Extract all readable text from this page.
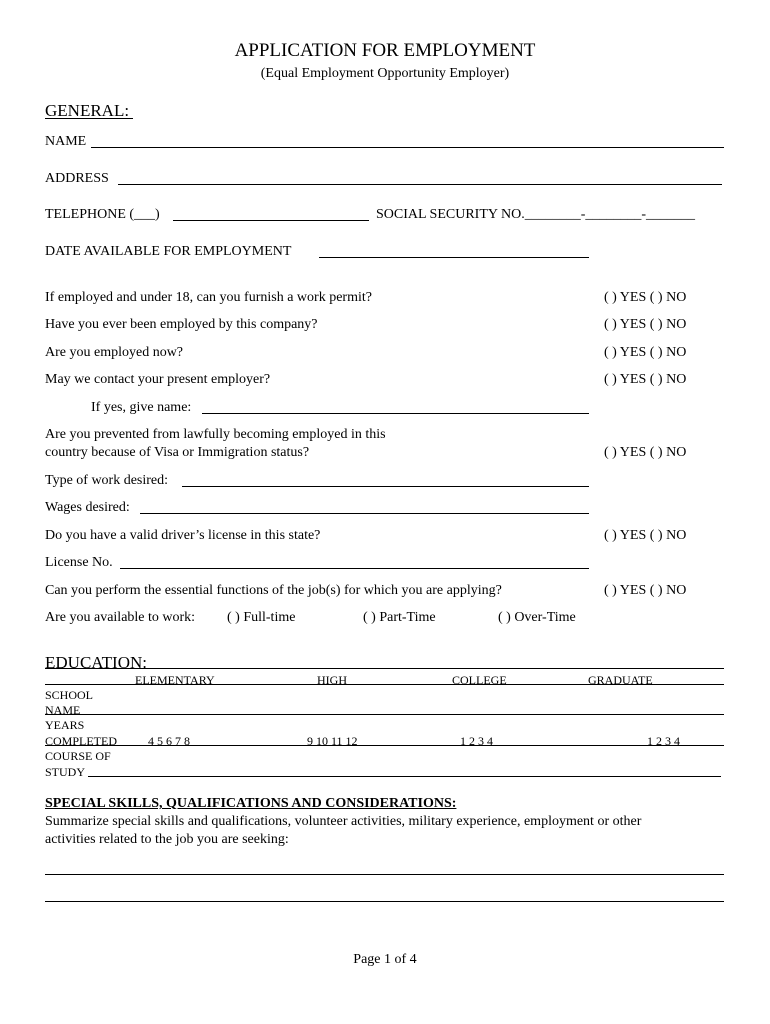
APPLICATION FOR EMPLOYMENT
(Equal Employment Opportunity Employer)
GENERAL:
NAME
ADDRESS
TELEPHONE (___)	SOCIAL SECURITY NO.________-________-_______
DATE AVAILABLE FOR EMPLOYMENT
If employed and under 18, can you furnish a work permit?	( ) YES ( ) NO
Have you ever been employed by this company?	( ) YES ( ) NO
Are you employed now?	( ) YES ( ) NO
May we contact your present employer?	( ) YES ( ) NO
If yes, give name:
Are you prevented from lawfully becoming employed in this
country because of Visa or Immigration status?	( ) YES ( ) NO
Type of work desired:
Wages desired:
Do you have a valid driver’s license in this state?	( ) YES ( ) NO
License No.
Can you perform the essential functions of the job(s) for which you are applying?	( ) YES ( ) NO
Are you available to work: ( ) Full-time	( ) Part-Time	( ) Over-Time
EDUCATION:
ELEMENTARY	HIGH	COLLEGE	GRADUATE
SCHOOL
NAME
YEARS
COMPLETED	4 5 6 7 8	9 10 11 12	1 2 3 4	1 2 3 4
COURSE OF
STUDY
SPECIAL SKILLS, QUALIFICATIONS AND CONSIDERATIONS:
Summarize special skills and qualifications, volunteer activities, military experience, employment or other
activities related to the job you are seeking:
Page 1 of 4
